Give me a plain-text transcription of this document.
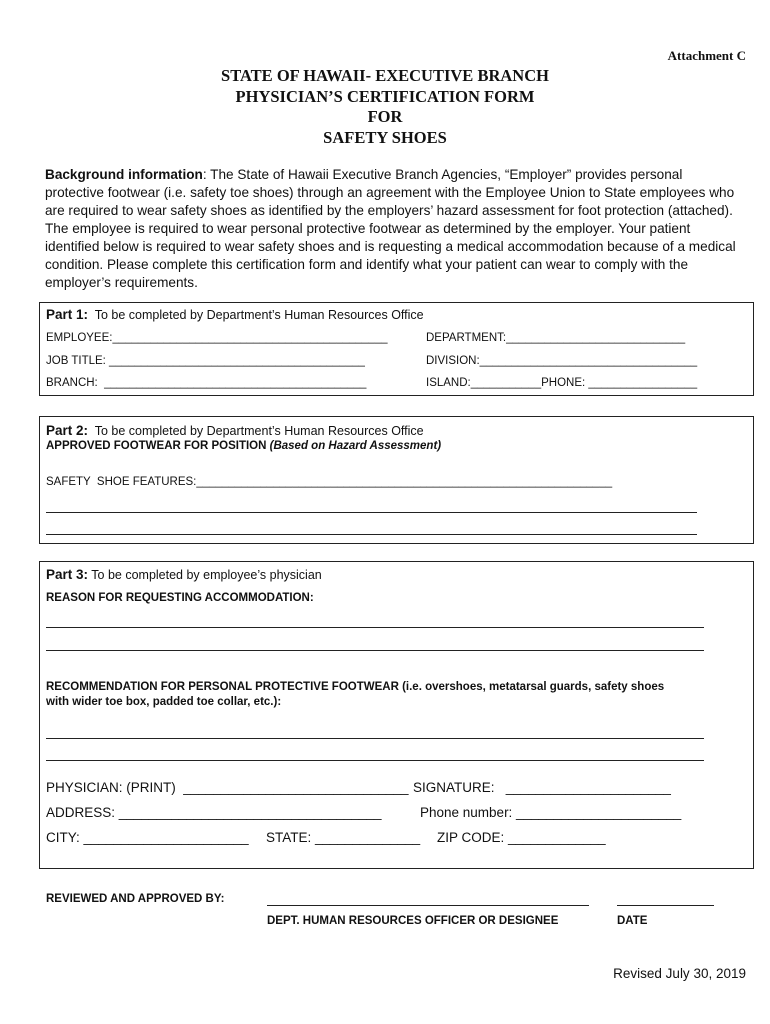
Attachment C
STATE OF HAWAII- EXECUTIVE BRANCH
PHYSICIAN’S CERTIFICATION FORM
FOR
SAFETY SHOES
Background information: The State of Hawaii Executive Branch Agencies, “Employer” provides personal protective footwear (i.e. safety toe shoes) through an agreement with the Employee Union to State employees who are required to wear safety shoes as identified by the employers’ hazard assessment for foot protection (attached). The employee is required to wear personal protective footwear as determined by the employer. Your patient identified below is required to wear safety shoes and is requesting a medical accommodation because of a medical condition. Please complete this certification form and identify what your patient can wear to comply with the employer’s requirements.
Part 1:  To be completed by Department’s Human Resources Office
EMPLOYEE:___________________________________________	DEPARTMENT:____________________________
JOB TITLE: ________________________________________	DIVISION:__________________________________
BRANCH:  _________________________________________	ISLAND:___________PHONE: _________________
Part 2:  To be completed by Department’s Human Resources Office
APPROVED FOOTWEAR FOR POSITION (Based on Hazard Assessment)
SAFETY  SHOE FEATURES:_________________________________________________________________
Part 3: To be completed by employee’s physician
REASON FOR REQUESTING ACCOMMODATION:
RECOMMENDATION FOR PERSONAL PROTECTIVE FOOTWEAR (i.e. overshoes, metatarsal guards, safety shoes
with wider toe box, padded toe collar, etc.):
PHYSICIAN: (PRINT)  ______________________________ SIGNATURE:   ______________________
ADDRESS: ___________________________________	Phone number: ______________________
CITY: ______________________ STATE: ______________ ZIP CODE: _____________
REVIEWED AND APPROVED BY:
DEPT. HUMAN RESOURCES OFFICER OR DESIGNEE	DATE
Revised July 30, 2019
